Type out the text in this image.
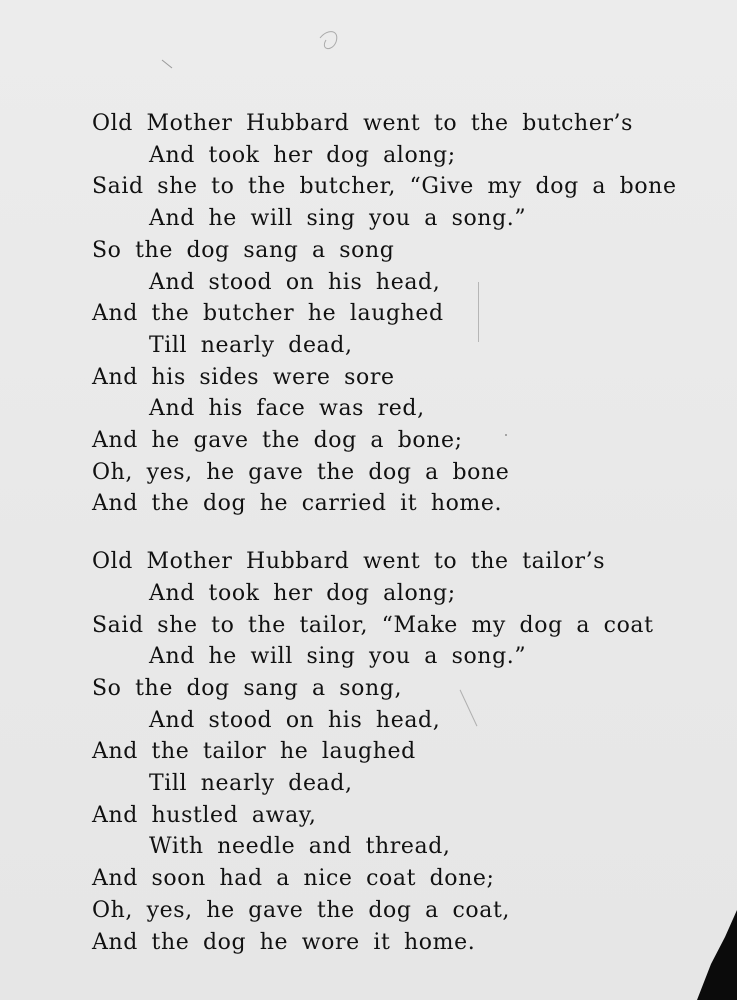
Old Mother Hubbard went to the butcher’s
And took her dog along;
Said she to the butcher, “Give my dog a bone
And he will sing you a song.”
So the dog sang a song
And stood on his head,
And the butcher he laughed
Till nearly dead,
And his sides were sore
And his face was red,
And he gave the dog a bone;
Oh, yes, he gave the dog a bone
And the dog he carried it home.
Old Mother Hubbard went to the tailor’s
And took her dog along;
Said she to the tailor, “Make my dog a coat
And he will sing you a song.”
So the dog sang a song,
And stood on his head,
And the tailor he laughed
Till nearly dead,
And hustled away,
With needle and thread,
And soon had a nice coat done;
Oh, yes, he gave the dog a coat,
And the dog he wore it home.
